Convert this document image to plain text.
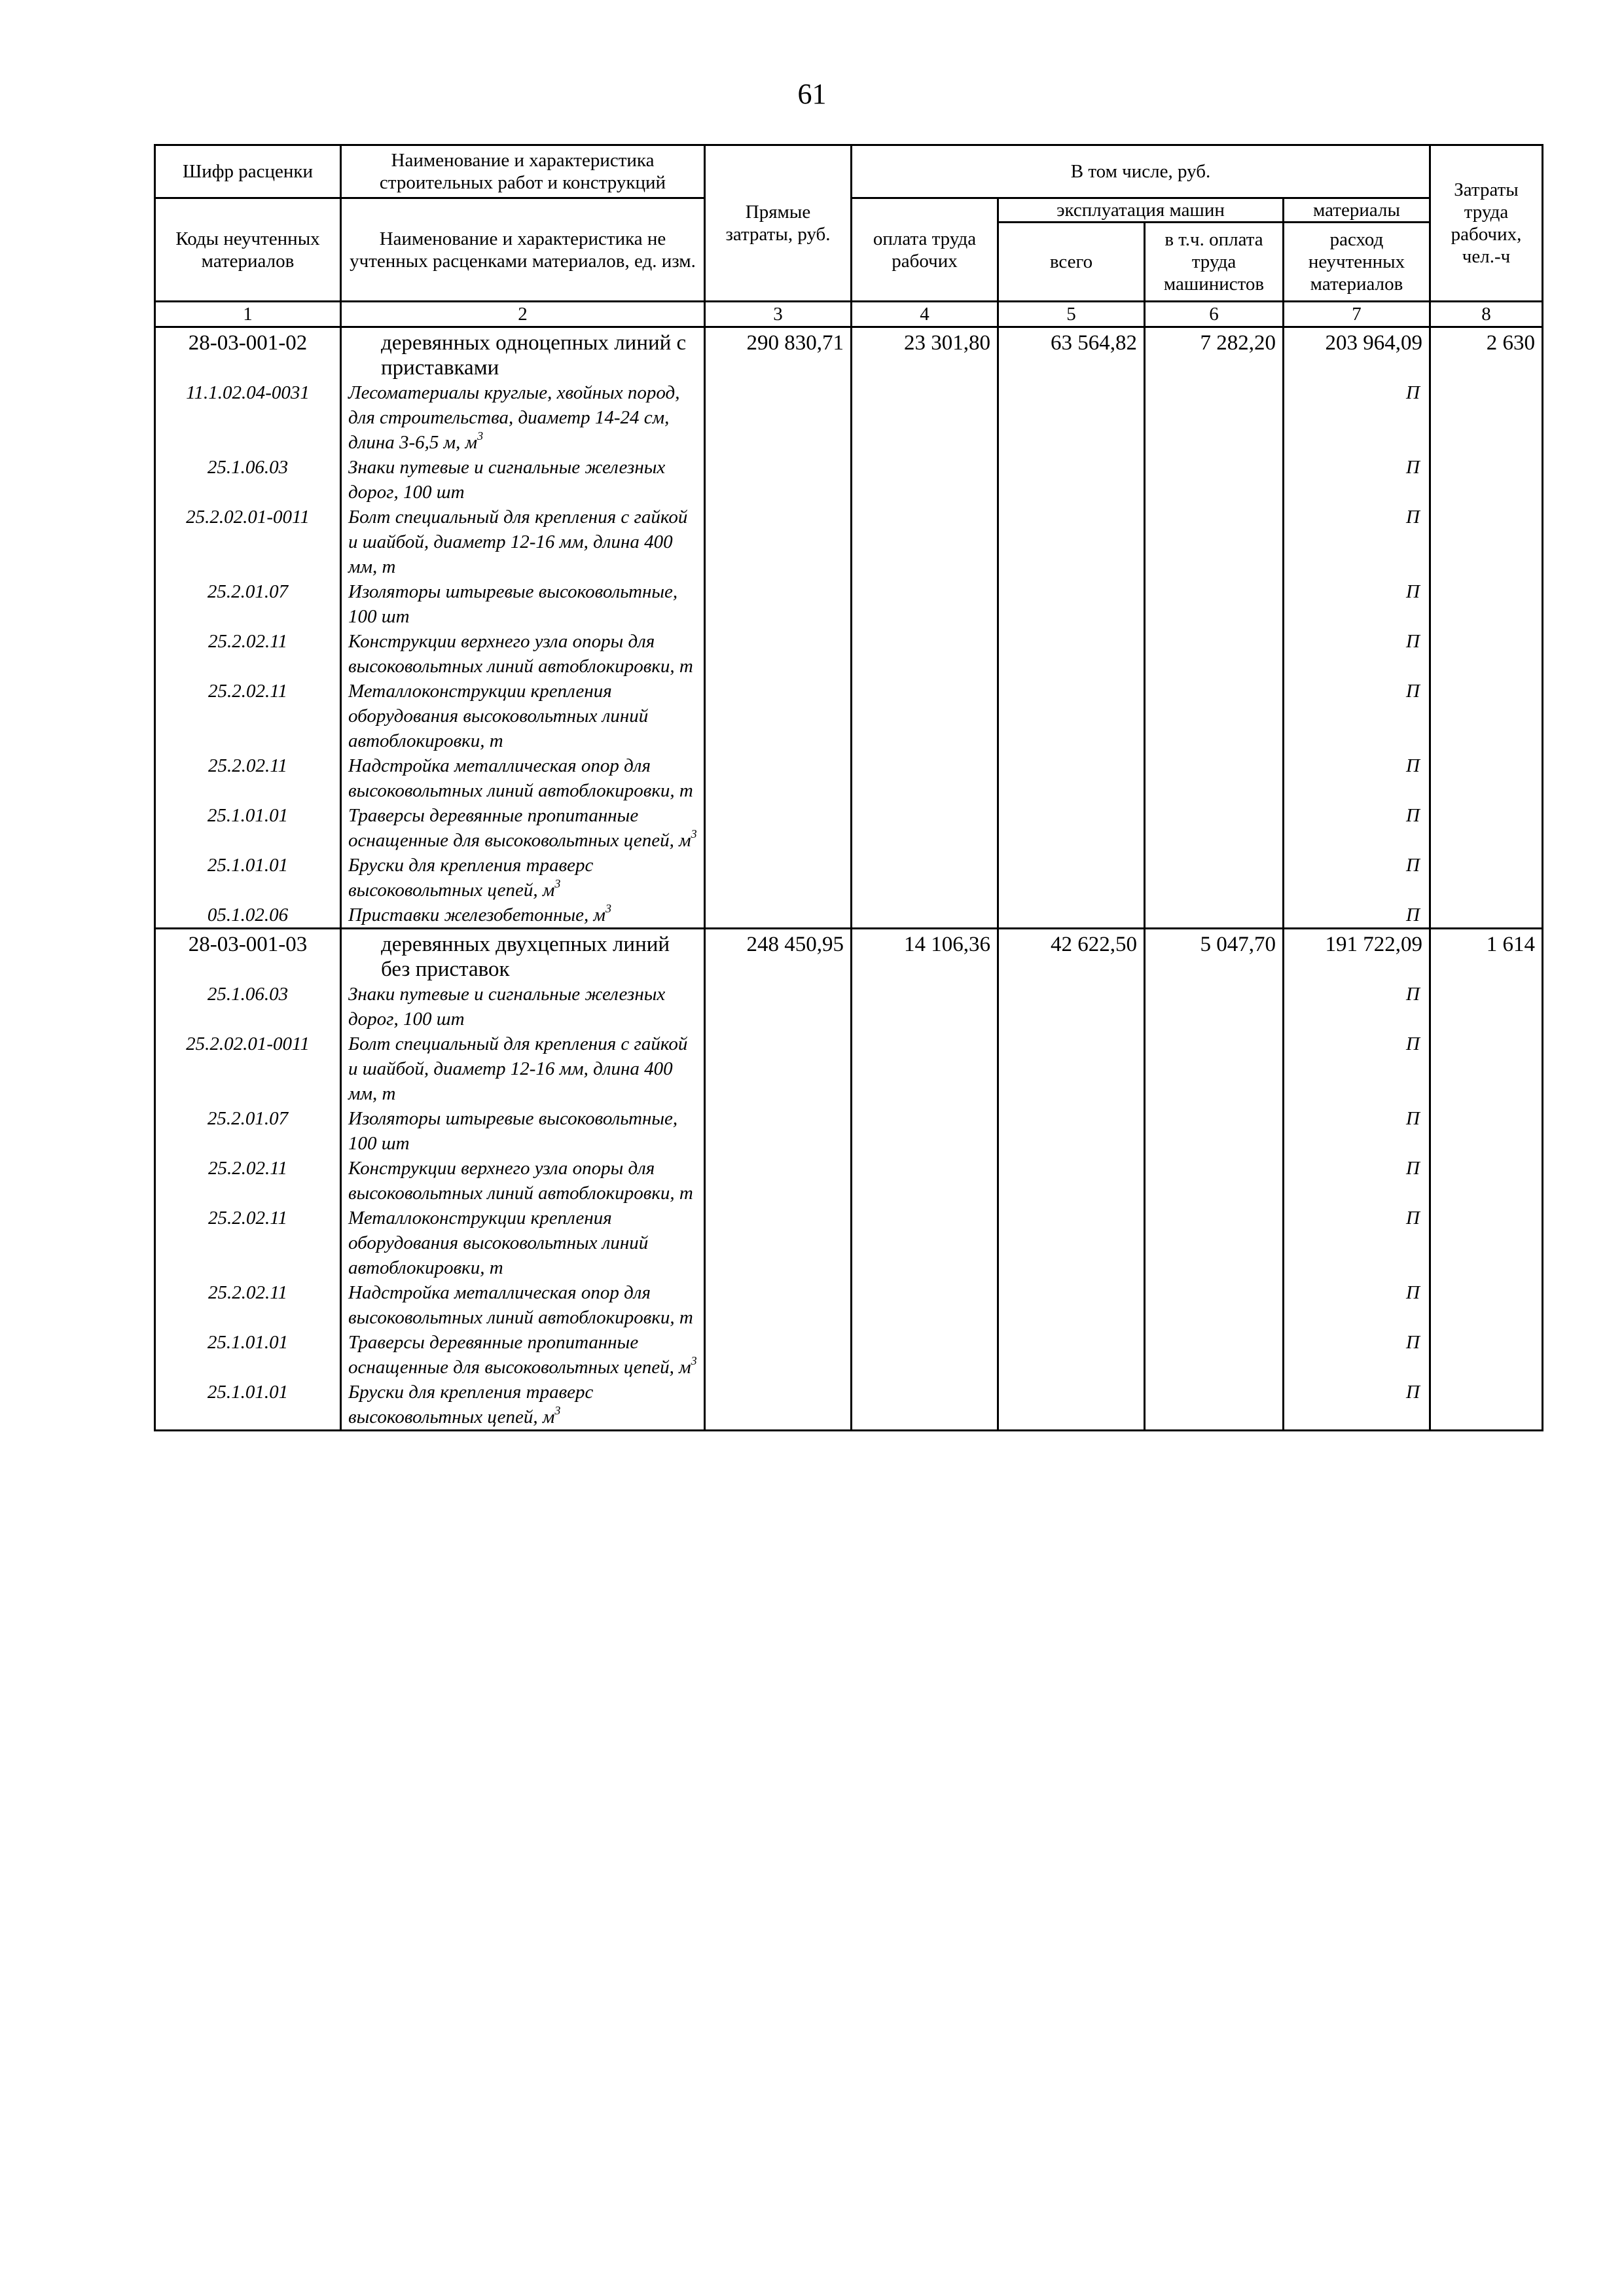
61
Шифр расценки	Наименование и характеристика строительных работ и конструкций	Прямые затраты, руб.	В том числе, руб.				Затраты труда рабочих, чел.-ч
Коды неучтенных материалов	Наименование и характеристика не учтенных расценками материалов, ед. изм.		оплата труда рабочих	эксплуатация машин		материалы	
				всего	в т.ч. оплата труда машинистов	расход неучтенных материалов	
1	2	3	4	5	6	7	8
28-03-001-02	деревянных одноцепных линий с приставками	290 830,71	23 301,80	63 564,82	7 282,20	203 964,09	2 630
11.1.02.04-0031	Лесоматериалы круглые, хвойных пород, для строительства, диаметр 14-24 см, длина 3-6,5 м, $м^3$					П	
25.1.06.03	Знаки путевые и сигнальные железных дорог, 100 шт					П	
25.2.02.01-0011	Болт специальный для крепления с гайкой и шайбой, диаметр 12-16 мм, длина 400 мм, т					П	
25.2.01.07	Изоляторы штыревые высоковольтные, 100 шт					П	
25.2.02.11	Конструкции верхнего узла опоры для высоковольтных линий автоблокировки, т					П	
25.2.02.11	Металлоконструкции крепления оборудования высоковольтных линий автоблокировки, т					П	
25.2.02.11	Надстройка металлическая опор для высоковольтных линий автоблокировки, т					П	
25.1.01.01	Траверсы деревянные пропитанные оснащенные для высоковольтных цепей, $м^3$					П	
25.1.01.01	Бруски для крепления траверс высоковольтных цепей, $м^3$					П	
05.1.02.06	Приставки железобетонные, $м^3$					П	
28-03-001-03	деревянных двухцепных линий без приставок	248 450,95	14 106,36	42 622,50	5 047,70	191 722,09	1 614
25.1.06.03	Знаки путевые и сигнальные железных дорог, 100 шт					П	
25.2.02.01-0011	Болт специальный для крепления с гайкой и шайбой, диаметр 12-16 мм, длина 400 мм, т					П	
25.2.01.07	Изоляторы штыревые высоковольтные, 100 шт					П	
25.2.02.11	Конструкции верхнего узла опоры для высоковольтных линий автоблокировки, т					П	
25.2.02.11	Металлоконструкции крепления оборудования высоковольтных линий автоблокировки, т					П	
25.2.02.11	Надстройка металлическая опор для высоковольтных линий автоблокировки, т					П	
25.1.01.01	Траверсы деревянные пропитанные оснащенные для высоковольтных цепей, $м^3$					П	
25.1.01.01	Бруски для крепления траверс высоковольтных цепей, $м^3$					П	
